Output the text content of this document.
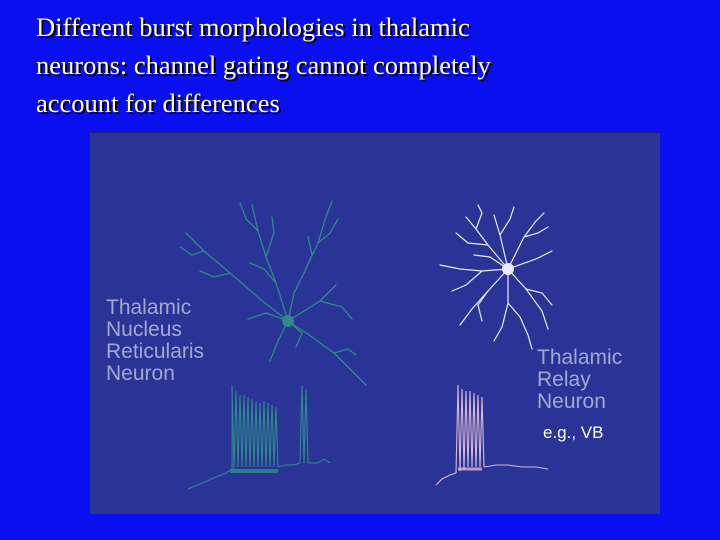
Different burst morphologies in thalamic
neurons: channel gating cannot completely
account for differences
Thalamic
Nucleus
Reticularis
Neuron
Thalamic
Relay
Neuron
e.g., VB
